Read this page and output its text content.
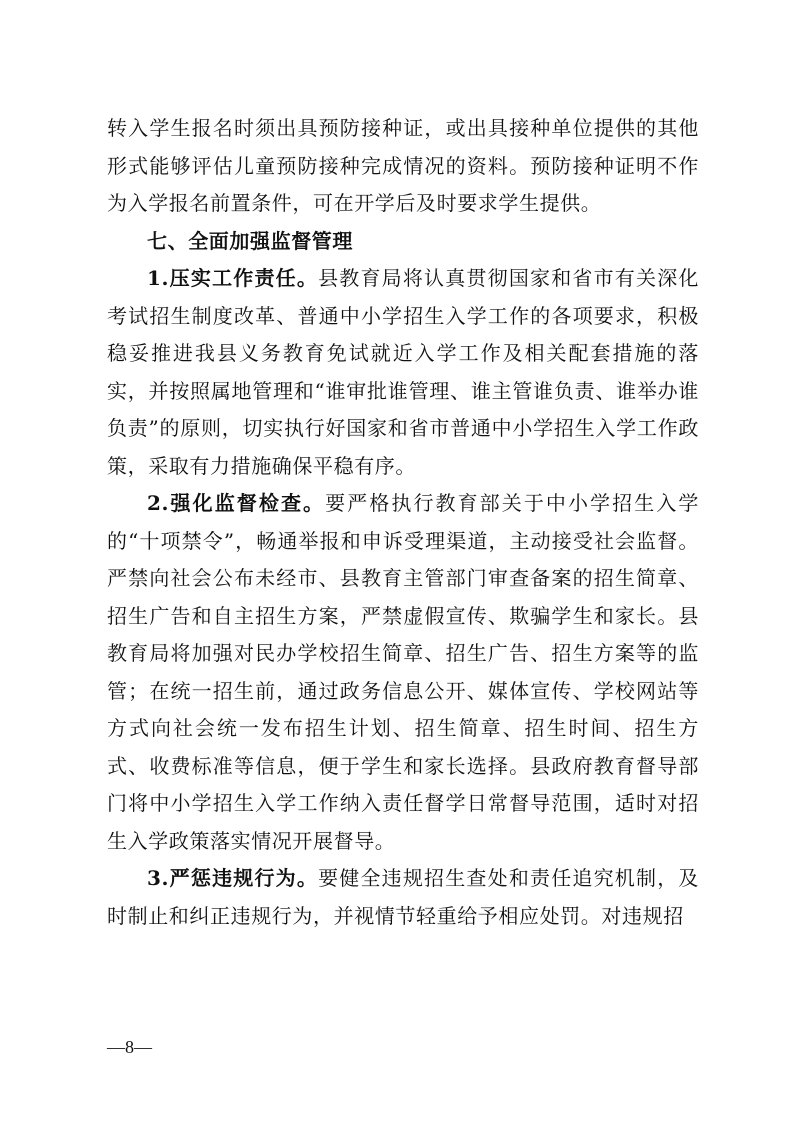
转入学生报名时须出具预防接种证，或出具接种单位提供的其他形式能够评估儿童预防接种完成情况的资料。预防接种证明不作为入学报名前置条件，可在开学后及时要求学生提供。

七、全面加强监督管理

1.压实工作责任。县教育局将认真贯彻国家和省市有关深化考试招生制度改革、普通中小学招生入学工作的各项要求，积极稳妥推进我县义务教育免试就近入学工作及相关配套措施的落实，并按照属地管理和“谁审批谁管理、谁主管谁负责、谁举办谁负责”的原则，切实执行好国家和省市普通中小学招生入学工作政策，采取有力措施确保平稳有序。

2.强化监督检查。要严格执行教育部关于中小学招生入学的“十项禁令”，畅通举报和申诉受理渠道，主动接受社会监督。严禁向社会公布未经市、县教育主管部门审查备案的招生简章、招生广告和自主招生方案，严禁虚假宣传、欺骗学生和家长。县教育局将加强对民办学校招生简章、招生广告、招生方案等的监管；在统一招生前，通过政务信息公开、媒体宣传、学校网站等方式向社会统一发布招生计划、招生简章、招生时间、招生方式、收费标准等信息，便于学生和家长选择。县政府教育督导部门将中小学招生入学工作纳入责任督学日常督导范围，适时对招生入学政策落实情况开展督导。

3.严惩违规行为。要健全违规招生查处和责任追究机制，及时制止和纠正违规行为，并视情节轻重给予相应处罚。对违规招

—8—
